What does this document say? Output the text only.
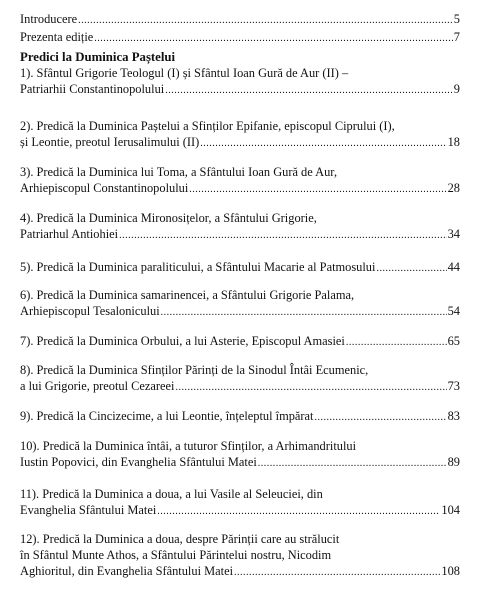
Introducere .....	5
Prezenta ediție .....	7
Predici la Duminica Paștelui
1). Sfântul Grigorie Teologul (I) și Sfântul Ioan Gură de Aur (II) –
Patriarhii Constantinopolului .....	9
2). Predică la Duminica Paștelui a Sfinților Epifanie, episcopul Ciprului (I),
și Leontie, preotul Ierusalimului (II) .....	18
3). Predică la Duminica lui Toma, a Sfântului Ioan Gură de Aur,
Arhiepiscopul Constantinopolului .....	28
4). Predică la Duminica Mironosițelor, a Sfântului Grigorie,
Patriarhul Antiohiei .....	34
5). Predică la Duminica paraliticului, a Sfântului Macarie al Patmosului .....	44
6). Predică la Duminica samarinencei, a Sfântului Grigorie Palama,
Arhiepiscopul Tesalonicului .....	54
7). Predică la Duminica Orbului, a lui Asterie, Episcopul Amasiei .....	65
8). Predică la Duminica Sfinților Părinți de la Sinodul Întâi Ecumenic,
a lui Grigorie, preotul Cezareei .....	73
9). Predică la Cincizecime, a lui Leontie, înțeleptul împărat .....	83
10). Predică la Duminica întâi, a tuturor Sfinților, a Arhimandritului
Iustin Popovici, din Evanghelia Sfântului Matei .....	89
11). Predică la Duminica a doua, a lui Vasile al Seleuciei, din
Evanghelia Sfântului Matei .....	104
12). Predică la Duminica a doua, despre Părinții care au strălucit
în Sfântul Munte Athos, a Sfântului Părintelui nostru, Nicodim
Aghioritul, din Evanghelia Sfântului Matei .....	108
